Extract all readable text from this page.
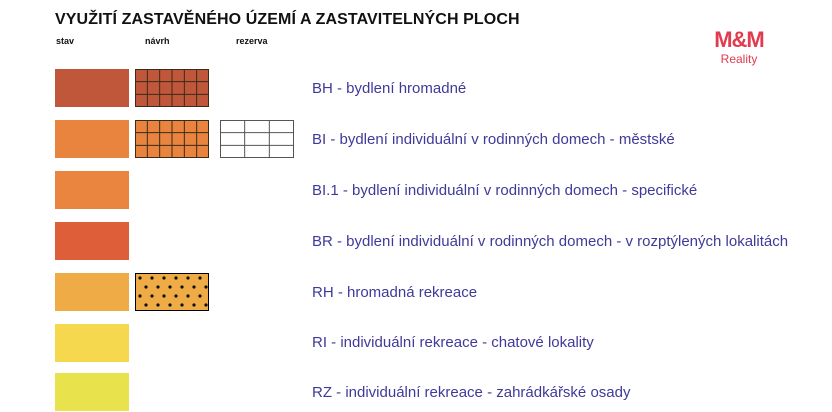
VYUŽITÍ ZASTAVĚNÉHO ÚZEMÍ A ZASTAVITELNÝCH PLOCH
stav	návrh	rezerva	M&M
Reality
BH - bydlení hromadné
BI - bydlení individuální v rodinných domech - městské
BI.1 - bydlení individuální v rodinných domech - specifické
BR - bydlení individuální v rodinných domech - v rozptýlených lokalitách
RH - hromadná rekreace
RI - individuální rekreace - chatové lokality
RZ - individuální rekreace - zahrádkářské osady
